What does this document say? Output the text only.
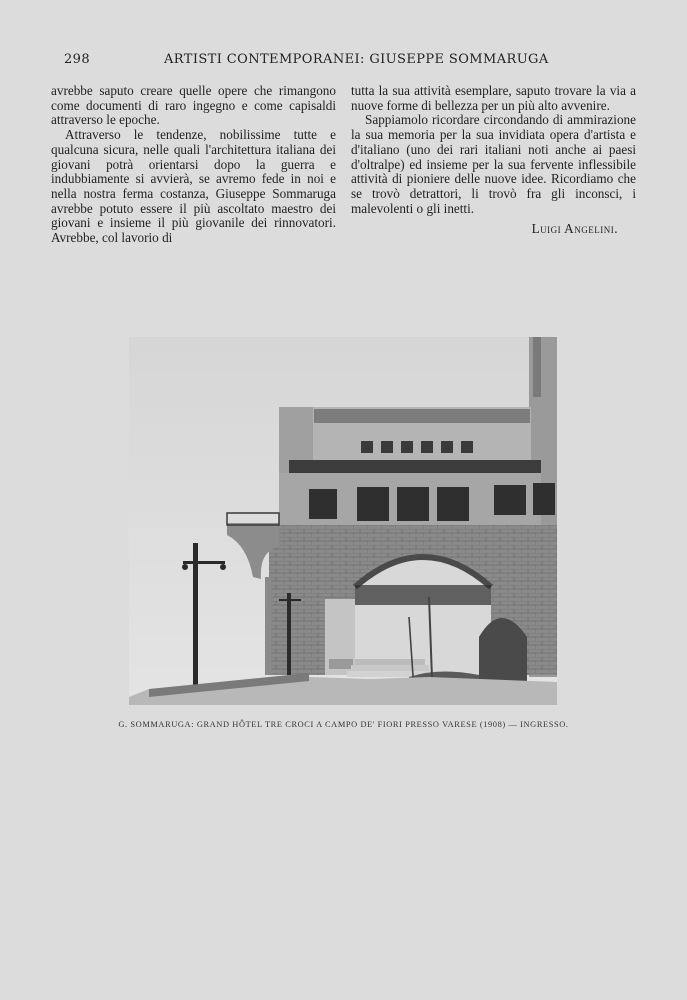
298	ARTISTI CONTEMPORANEI: GIUSEPPE SOMMARUGA

avrebbe saputo creare quelle opere che rimangono come documenti di raro ingegno e come capisaldi attraverso le epoche.

Attraverso le tendenze, nobilissime tutte e qualcuna sicura, nelle quali l'architettura italiana dei giovani potrà orientarsi dopo la guerra e indubbiamente si avvierà, se avremo fede in noi e nella nostra ferma costanza, Giuseppe Sommaruga avrebbe potuto essere il più ascoltato maestro dei giovani e insieme il più giovanile dei rinnovatori. Avrebbe, col lavorio di

tutta la sua attività esemplare, saputo trovare la via a nuove forme di bellezza per un più alto avvenire.

Sappiamolo ricordare circondando di ammirazione la sua memoria per la sua invidiata opera d'artista e d'italiano (uno dei rari italiani noti anche ai paesi d'oltralpe) ed insieme per la sua fervente inflessibile attività di pioniere delle nuove idee. Ricordiamo che se trovò detrattori, li trovò fra gli inconsci, i malevolenti o gli inetti.

Luigi Angelini.
G. SOMMARUGA: GRAND HÔTEL TRE CROCI A CAMPO DE' FIORI PRESSO VARESE (1908) — INGRESSO.
